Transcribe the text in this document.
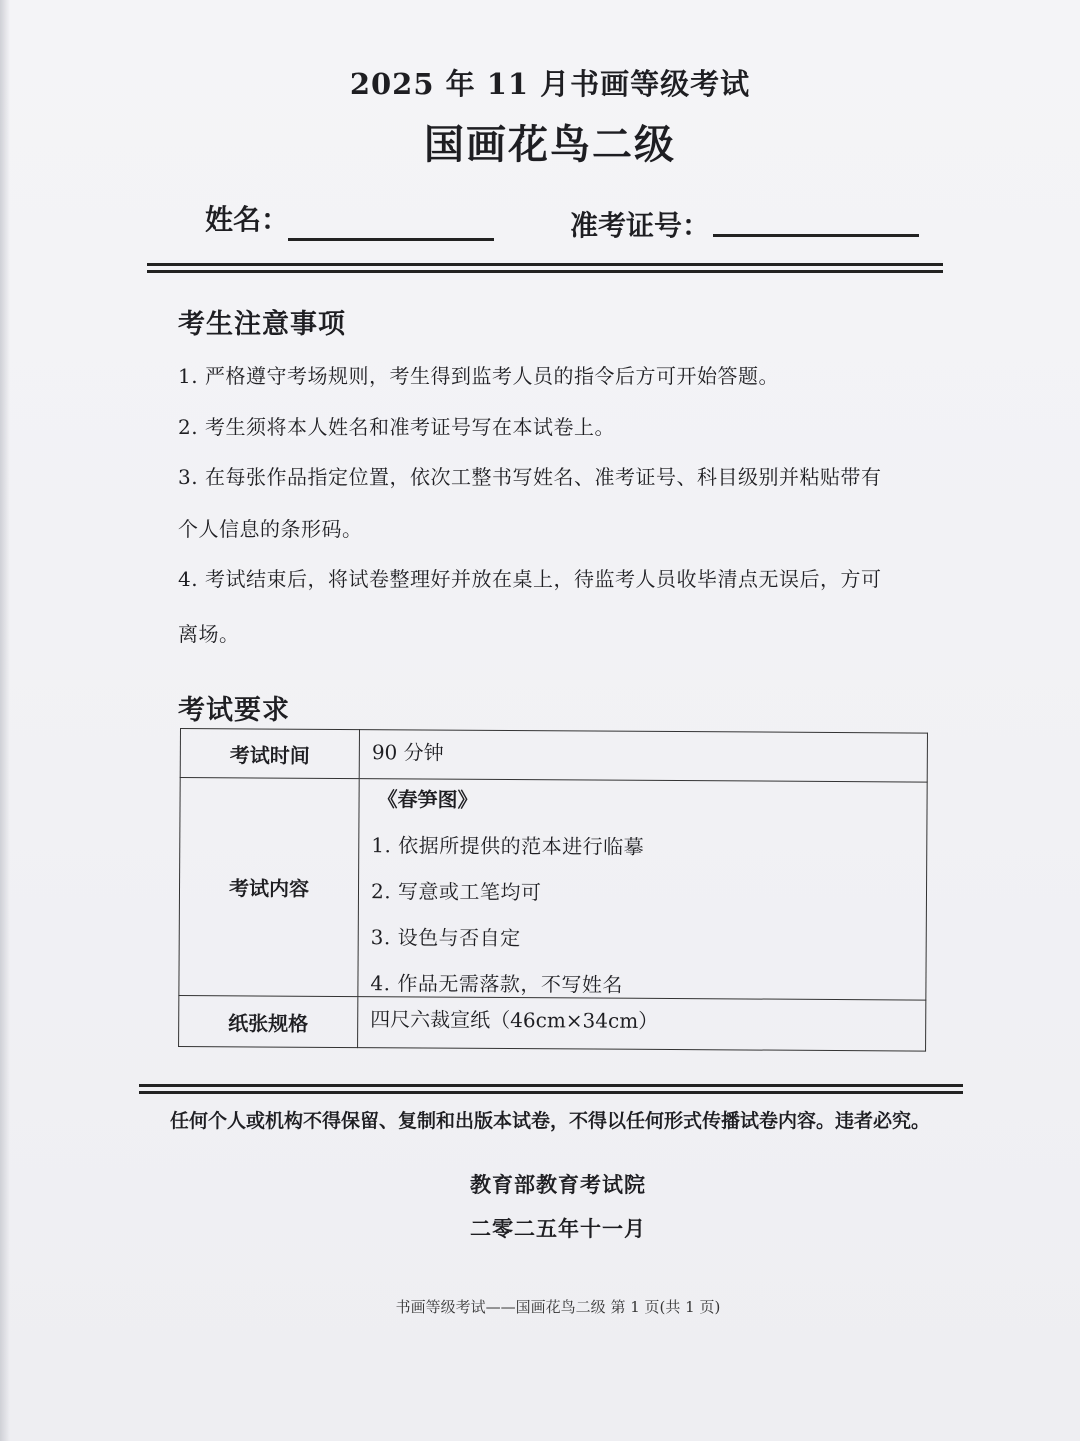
2025 年 11 月书画等级考试
国画花鸟二级
姓名：	准考证号：
考生注意事项
1. 严格遵守考场规则，考生得到监考人员的指令后方可开始答题。
2. 考生须将本人姓名和准考证号写在本试卷上。
3. 在每张作品指定位置，依次工整书写姓名、准考证号、科目级别并粘贴带有
个人信息的条形码。
4. 考试结束后，将试卷整理好并放在桌上，待监考人员收毕清点无误后，方可
离场。
考试要求
考试时间	90 分钟
考试内容	《春笋图》
1. 依据所提供的范本进行临摹
2. 写意或工笔均可
3. 设色与否自定
4. 作品无需落款，不写姓名

纸张规格	四尺六裁宣纸（46cm×34cm）
任何个人或机构不得保留、复制和出版本试卷，不得以任何形式传播试卷内容。违者必究。
教育部教育考试院
二零二五年十一月
书画等级考试——国画花鸟二级 第 1 页(共 1 页)
